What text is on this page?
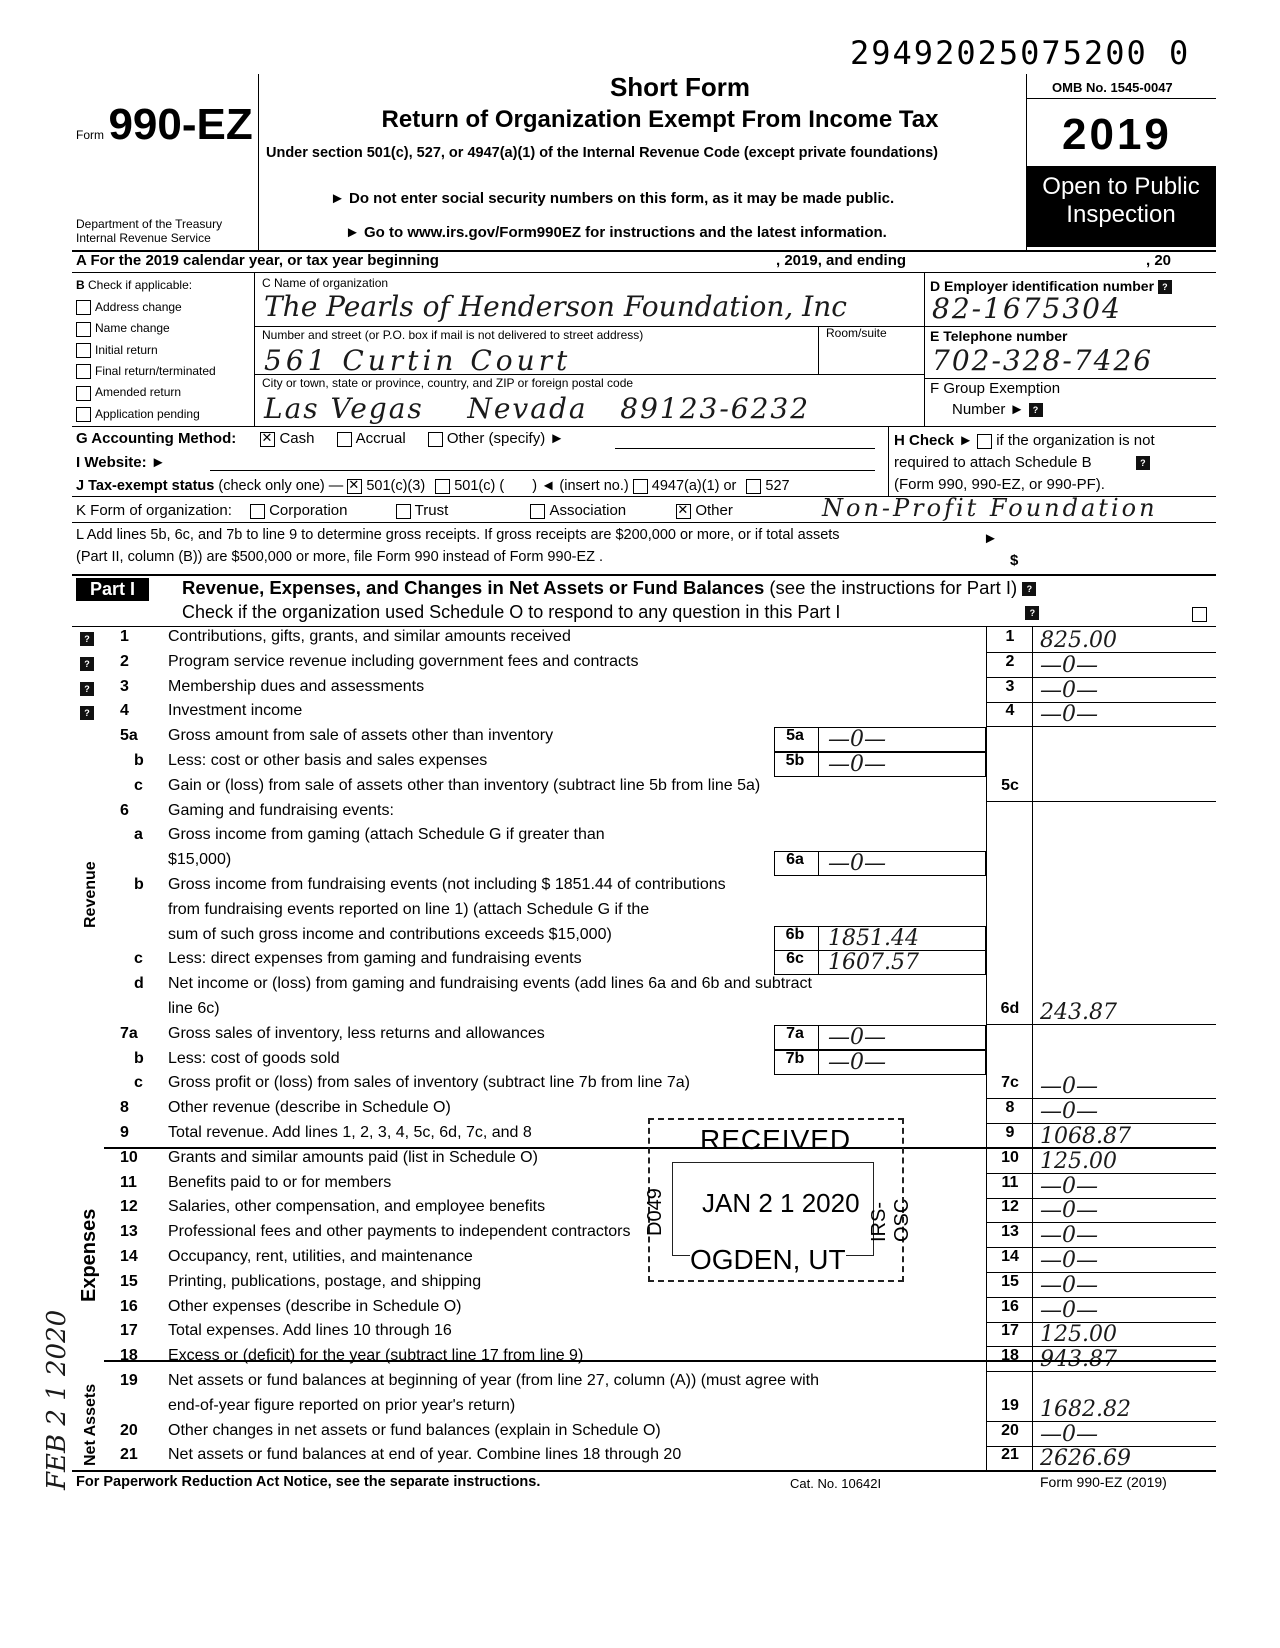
29492025075200 0
Form 990-EZ
Department of the Treasury
Internal Revenue Service
Short Form
Return of Organization Exempt From Income Tax
Under section 501(c), 527, or 4947(a)(1) of the Internal Revenue Code (except private foundations)
► Do not enter social security numbers on this form, as it may be made public.
► Go to www.irs.gov/Form990EZ for instructions and the latest information.
OMB No. 1545-0047
2019
Open to Public
Inspection
A For the 2019 calendar year, or tax year beginning	, 2019, and ending	, 20
B Check if applicable:
Address change
Name change
Initial return
Final return/terminated
Amended return
Application pending
C Name of organization
The Pearls of Henderson Foundation, Inc
Number and street (or P.O. box if mail is not delivered to street address)	Room/suite
561 Curtin Court
City or town, state or province, country, and ZIP or foreign postal code
Las Vegas    Nevada   89123-6232
D Employer identification number ?
82-1675304
E Telephone number
702-328-7426
F Group Exemption
Number ► ?
G Accounting Method: ✕	Cash	Accrual	Other (specify) ►
I Website: ►
H Check ► if the organization is not
required to attach Schedule B	?
(Form 990, 990-EZ, or 990-PF).
J Tax-exempt status (check only one) — ✕ 501(c)(3) 501(c) ( ) ◄ (insert no.) 4947(a)(1) or 527
K Form of organization: Corporation	Trust	Association ✕	Other	Non-Profit Foundation
L Add lines 5b, 6c, and 7b to line 9 to determine gross receipts. If gross receipts are $200,000 or more, or if total assets
(Part II, column (B)) are $500,000 or more, file Form 990 instead of Form 990-EZ .
►
$
Part I	Revenue, Expenses, and Changes in Net Assets or Fund Balances (see the instructions for Part I) ?
Check if the organization used Schedule O to respond to any question in this Part I	?
1 Contributions, gifts, grants, and similar amounts received	1	825.00
?
2 Program service revenue including government fees and contracts	2	—0—
?
3 Membership dues and assessments	3	—0—
?
4 Investment income	4	—0—
?
5a Gross amount from sale of assets other than inventory	5a	—0—
b Less: cost or other basis and sales expenses	5b	—0—
c Gain or (loss) from sale of assets other than inventory (subtract line 5b from line 5a)	5c
6 Gaming and fundraising events:
a Gross income from gaming (attach Schedule G if greater than
$15,000)	6a	—0—
b Gross income from fundraising events (not including $ 1851.44 of contributions
from fundraising events reported on line 1) (attach Schedule G if the
sum of such gross income and contributions exceeds $15,000)	6b	1851.44
c Less: direct expenses from gaming and fundraising events	6c	1607.57
d Net income or (loss) from gaming and fundraising events (add lines 6a and 6b and subtract
line 6c)	6d 243.87
7a Gross sales of inventory, less returns and allowances	7a	—0—
b Less: cost of goods sold	7b	—0—
c Gross profit or (loss) from sales of inventory (subtract line 7b from line 7a)	7c —0—
8 Other revenue (describe in Schedule O)	8	—0—
9 Total revenue. Add lines 1, 2, 3, 4, 5c, 6d, 7c, and 8	9	1068.87
10 Grants and similar amounts paid (list in Schedule O)	10 125.00
11 Benefits paid to or for members	11 —0—
12 Salaries, other compensation, and employee benefits	12 —0—
13 Professional fees and other payments to independent contractors	13 —0—
14 Occupancy, rent, utilities, and maintenance	14 —0—
15 Printing, publications, postage, and shipping	15 —0—
16 Other expenses (describe in Schedule O)	16 —0—
17 Total expenses. Add lines 10 through 16	17 125.00
18 Excess or (deficit) for the year (subtract line 17 from line 9)	18 943.87
19 Net assets or fund balances at beginning of year (from line 27, column (A)) (must agree with
end-of-year figure reported on prior year's return)	19 1682.82
20 Other changes in net assets or fund balances (explain in Schedule O)	20 —0—
21 Net assets or fund balances at end of year. Combine lines 18 through 20	21 2626.69
Revenue
Expenses
Net Assets
FEB 2 1 2020
RECEIVED
JAN 2 1 2020
OGDEN, UT
D049	IRS-OSC
For Paperwork Reduction Act Notice, see the separate instructions.	Cat. No. 10642I	Form 990-EZ (2019)
